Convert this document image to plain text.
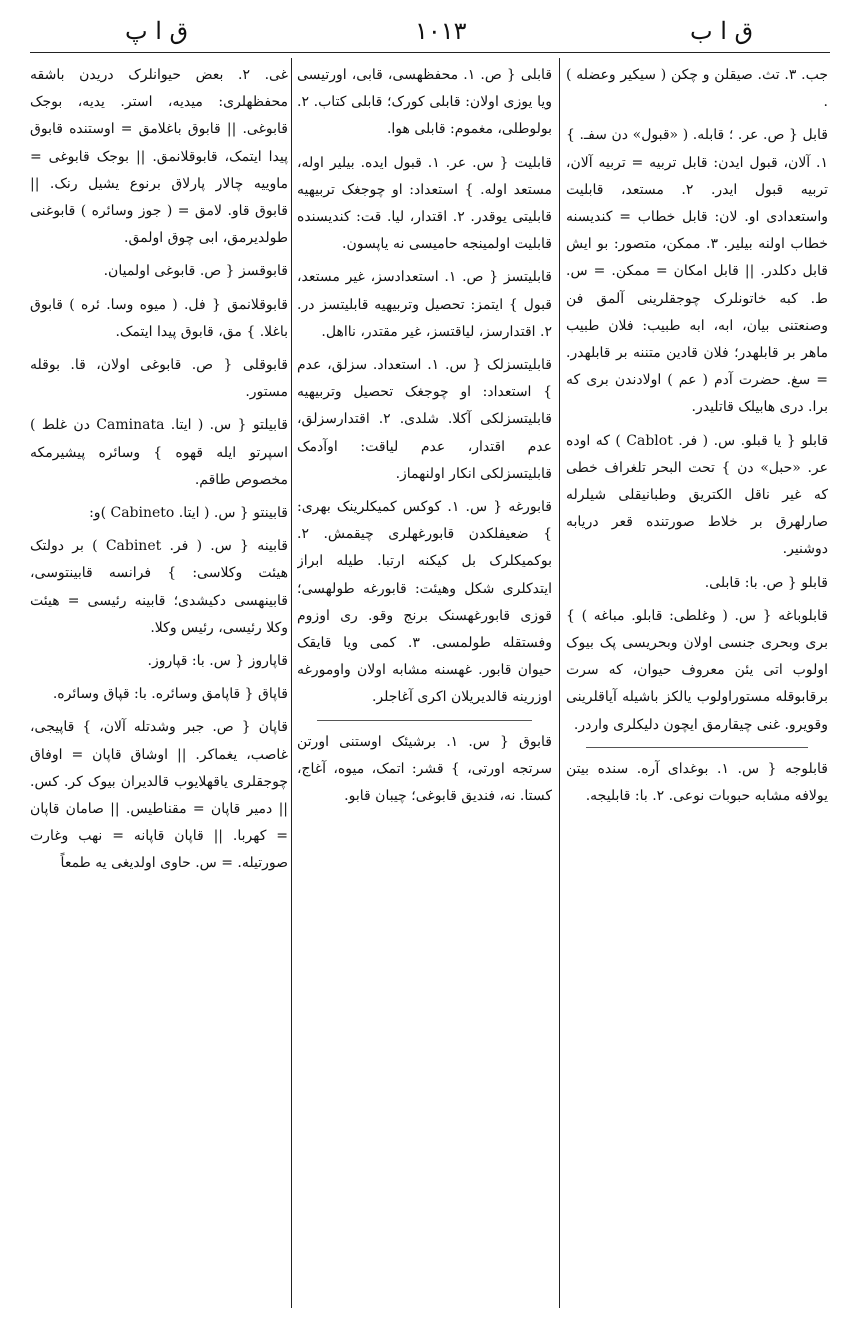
ق ا پ	١٠١٣	ق ا ب

جب. ٣. تث. صیقلن و چکن ( سیکیر وعضله ) .

قابل { ص. عر. ؛ قابله. ( «قبول» دن سفـ. } ١. آلان، قبول ایدن: قابل تربیه = تربیه آلان، تربیه قبول ایدر. ٢. مستعد، قابلیت واستعدادی او. لان: قابل خطاب = کندیسنه خطاب اولنه بیلیر. ٣. ممکن، متصور: بو ایش قابل دکلدر. || قابل امکان = ممکن. = س. ط. کبه خاتونلرک چوجقلرینی آلمق فن وصنعتنی بیان، ابه، ابه طبیب: فلان طبیب ماهر بر قابلهدر؛ فلان قادین متننه بر قابلهدر. = سغ. حضرت آدم ( عم ) اولادندن بری که برا. دری هابیلک قاتلیدر.

قابلو { یا قبلو. س. ( فر. Cablot ) که اوده عر. «حبل» دن } تحت البحر تلغراف خطی که غیر ناقل الکتریق وطبانیقلی شیلرله صارلهرق بر خلاط صورتنده قعر دریابه دوشنیر.

قابلو { ص. با: قابلی.

قابلوباغه { س. ( وغلطی: قابلو. مباغه ) } بری وبحری جنسی اولان وبحریسی پک بیوک اولوب اتی یئن معروف حیوان، که سرت برقابوقله مستوراولوب یالکز باشیله آیاقلرینی وقویرو. غنی چیقارمق ایچون دلیکلری واردر.

قابلوجه { س. ١. بوغدای آره. سنده بیتن یولافه مشابه حبوبات نوعی. ٢. با: قابلیجه.

قابلی { ص. ١. محفظهسی، قابی، اورتیسی ویا یوزی اولان: قابلی کورک؛ قابلی کتاب. ٢. بولوطلی، مغموم: قابلی هوا.

قابلیت { س. عر. ١. قبول ایده. بیلیر اوله، مستعد اوله. } استعداد: او چوجغک تربیهیه قابلیتی یوقدر. ٢. اقتدار، لیا. قت: کندیسنده قابلیت اولمینجه حامیسی نه یاپسون.

قابلیتسز { ص. ١. استعدادسز، غیر مستعد، قبول } ایتمز: تحصیل وتربیهیه قابلیتسز در. ٢. اقتدارسز، لیاقتسز، غیر مقتدر، نااهل.

قابلیتسزلک { س. ١. استعداد. سزلق، عدم } استعداد: او چوجغک تحصیل وتربیهیه قابلیتسزلکی آکلا. شلدی. ٢. اقتدارسزلق، عدم اقتدار، عدم لیاقت: اوآدمک قابلیتسزلکی انکار اولنهماز.

قابورغه { س. ١. کوکس کمیکلرینک بهری: } ضعیفلکدن قابورغهلری چیقمش. ٢. بوکمیکلرک بل کیکنه ارتبا. طیله ابراز ایتدکلری شکل وهیئت: قابورغه طولهسی؛ قوزی قابورغهسنک برنج وقو. ری اوزوم وفستقله طولمسی. ٣. کمی ویا قایقک حیوان قابور. غهسنه مشابه اولان واومورغه اوزرینه قالدیریلان اکری آغاجلر.

قابوق { س. ١. برشیئک اوستنی اورتن سرتجه اورتی، } قشر: اتمک، میوه، آغاج، کستا. نه، فندیق قابوغی؛ چیبان قابو.

غی. ٢. بعض حیوانلرک دریدن باشقه محفظهلری: میدیه، استر. یدیه، بوجک قابوغی. || قابوق باغلامق = اوستنده قابوق پیدا ایتمک، قابوقلانمق. || بوجک قابوغی = ماوییه چالار پارلاق برنوع یشیل رنک. || قابوق قاو. لامق = ( جوز وسائره ) قابوغنی طولدیرمق، ابی چوق اولمق.

قابوقسز { ص. قابوغی اولمیان.

قابوقلانمق { فل. ( میوه وسا. ئره ) قابوق باغلا. } مق، قابوق پیدا ایتمک.

قابوقلی { ص. قابوغی اولان، قا. بوقله مستور.

قابیلتو { س. ( ایتا. Caminata دن غلط ) اسپرتو ایله قهوه } وسائره پیشیرمکه مخصوص طاقم.

قابینتو { س. ( ایتا. Cabineto )و:

قابینه { س. ( فر. Cabinet ) بر دولتک هیئت وکلاسی: } فرانسه قابینتوسی، قابینهسی دکیشدی؛ قابینه رئیسی = هیئت وکلا رئیسی، رئیس وکلا.

قاپاروز { س. با: قپاروز.

قاپاق { قاپامق وسائره. با: قپاق وسائره.

قاپان { ص. جبر وشدتله آلان، } قاپیجی، غاصب، یغماکر. || اوشاق قاپان = اوفاق چوجقلری یاقهلایوب قالدیران بیوک کر. کس. || دمیر قاپان = مقناطیس. || صامان قاپان = کهربا. || قاپان قاپانه = نهب وغارت صورتیله. = س. حاوی اولدیغی یه طمعاً
